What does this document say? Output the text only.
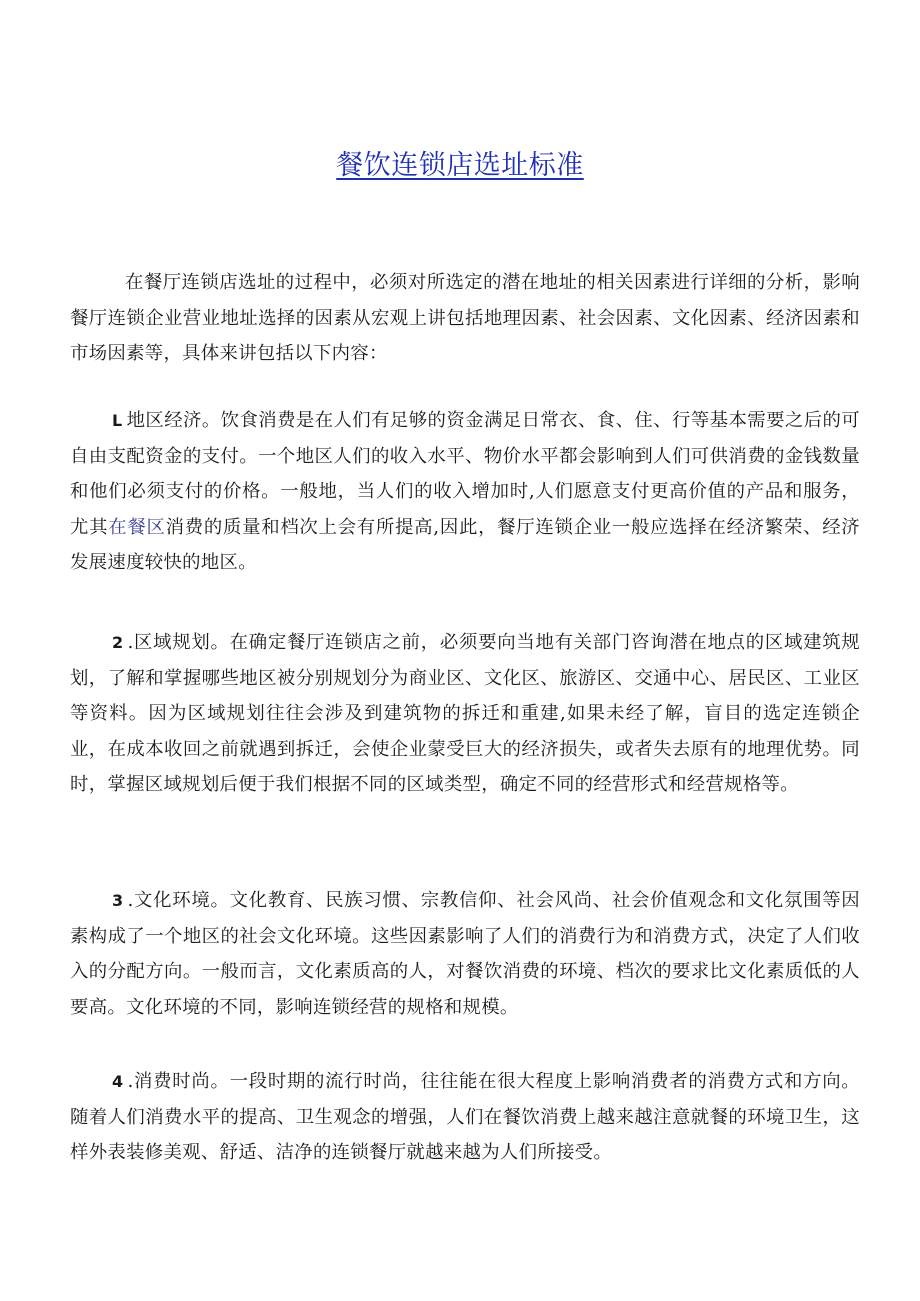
餐饮连锁店选址标准

在餐厅连锁店选址的过程中，必须对所选定的潜在地址的相关因素进行详细的分析，影响餐厅连锁企业营业地址选择的因素从宏观上讲包括地理因素、社会因素、文化因素、经济因素和市场因素等，具体来讲包括以下内容：

L 地区经济。饮食消费是在人们有足够的资金满足日常衣、食、住、行等基本需要之后的可自由支配资金的支付。一个地区人们的收入水平、物价水平都会影响到人们可供消费的金钱数量和他们必须支付的价格。一般地，当人们的收入增加时,人们愿意支付更高价值的产品和服务，尤其在餐区消费的质量和档次上会有所提高,因此，餐厅连锁企业一般应选择在经济繁荣、经济发展速度较快的地区。

2 .区域规划。在确定餐厅连锁店之前，必须要向当地有关部门咨询潜在地点的区域建筑规划，了解和掌握哪些地区被分别规划分为商业区、文化区、旅游区、交通中心、居民区、工业区等资料。因为区域规划往往会涉及到建筑物的拆迁和重建,如果未经了解，盲目的选定连锁企业，在成本收回之前就遇到拆迁，会使企业蒙受巨大的经济损失，或者失去原有的地理优势。同时，掌握区域规划后便于我们根据不同的区域类型，确定不同的经营形式和经营规格等。

3 .文化环境。文化教育、民族习惯、宗教信仰、社会风尚、社会价值观念和文化氛围等因素构成了一个地区的社会文化环境。这些因素影响了人们的消费行为和消费方式，决定了人们收入的分配方向。一般而言，文化素质高的人，对餐饮消费的环境、档次的要求比文化素质低的人要高。文化环境的不同，影响连锁经营的规格和规模。

4 .消费时尚。一段时期的流行时尚，往往能在很大程度上影响消费者的消费方式和方向。随着人们消费水平的提高、卫生观念的增强，人们在餐饮消费上越来越注意就餐的环境卫生，这样外表装修美观、舒适、洁净的连锁餐厅就越来越为人们所接受。
